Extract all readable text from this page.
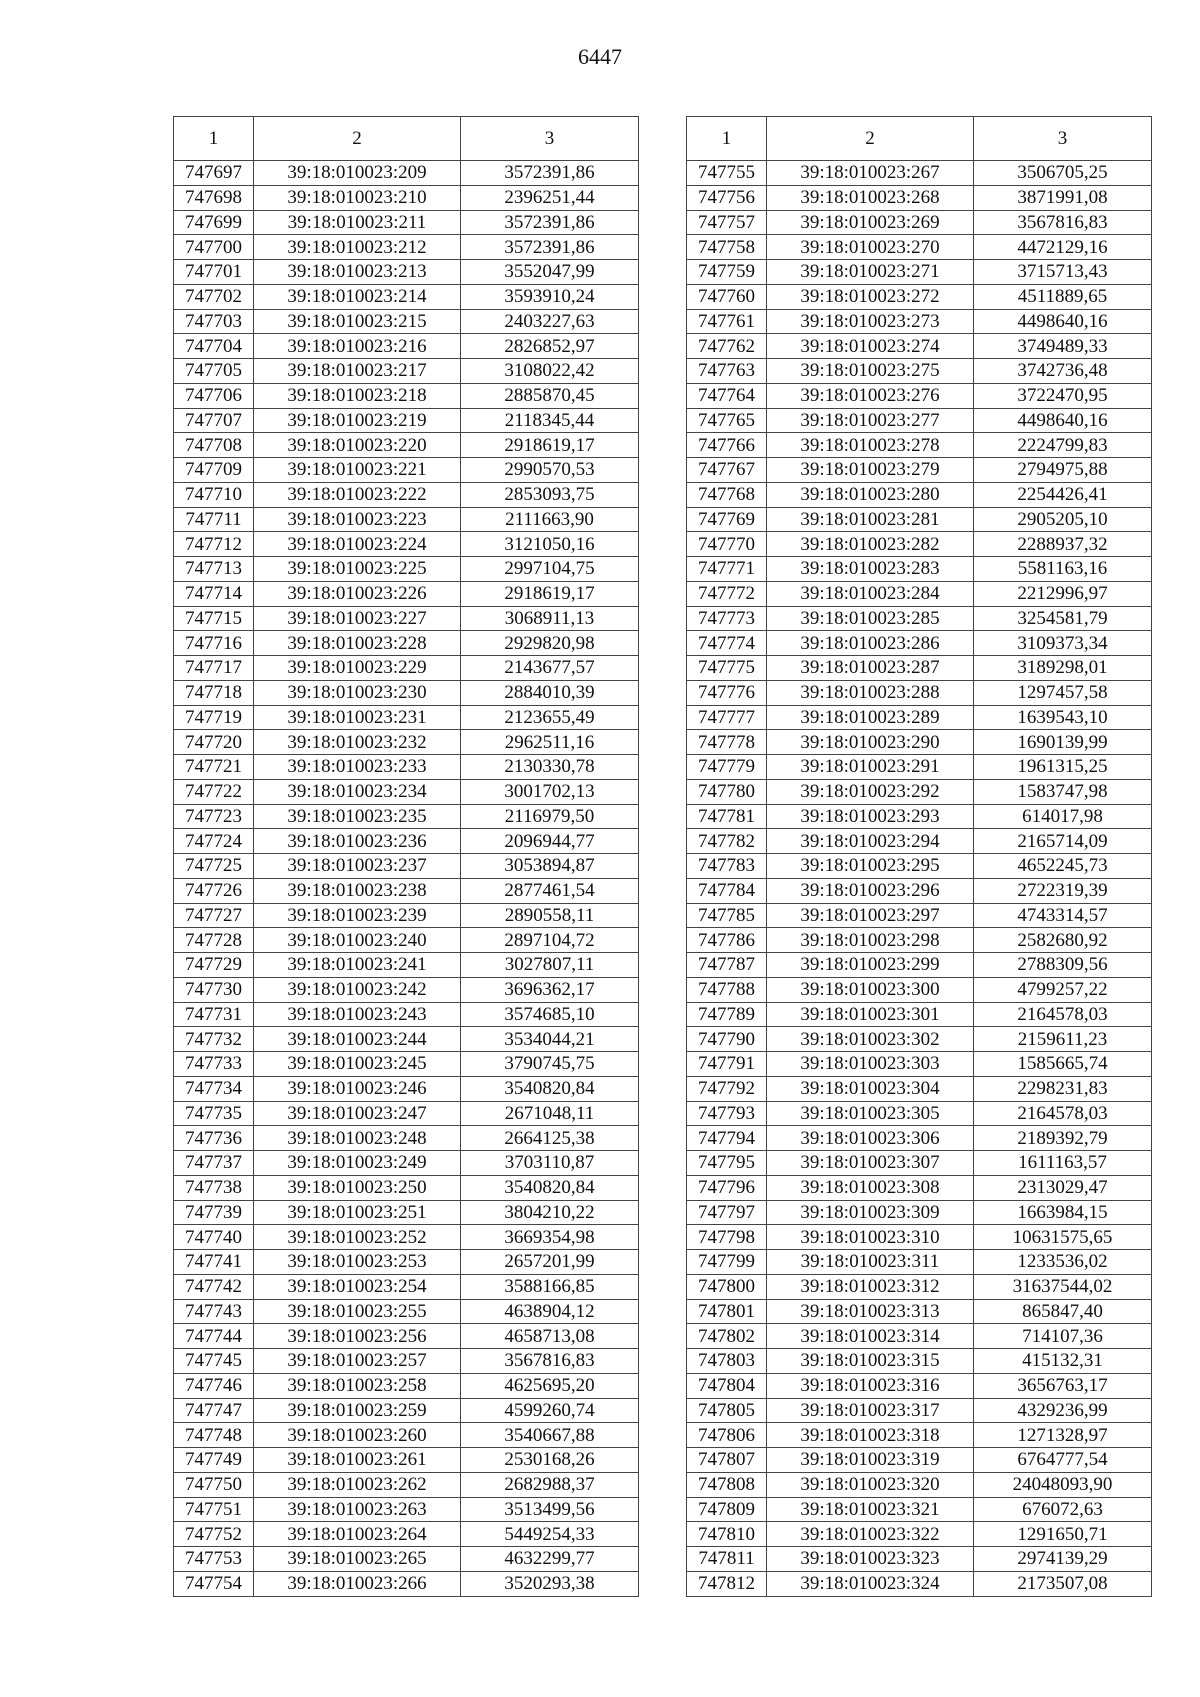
6447
1	2	3
747697	39:18:010023:209	3572391,86
747698	39:18:010023:210	2396251,44
747699	39:18:010023:211	3572391,86
747700	39:18:010023:212	3572391,86
747701	39:18:010023:213	3552047,99
747702	39:18:010023:214	3593910,24
747703	39:18:010023:215	2403227,63
747704	39:18:010023:216	2826852,97
747705	39:18:010023:217	3108022,42
747706	39:18:010023:218	2885870,45
747707	39:18:010023:219	2118345,44
747708	39:18:010023:220	2918619,17
747709	39:18:010023:221	2990570,53
747710	39:18:010023:222	2853093,75
747711	39:18:010023:223	2111663,90
747712	39:18:010023:224	3121050,16
747713	39:18:010023:225	2997104,75
747714	39:18:010023:226	2918619,17
747715	39:18:010023:227	3068911,13
747716	39:18:010023:228	2929820,98
747717	39:18:010023:229	2143677,57
747718	39:18:010023:230	2884010,39
747719	39:18:010023:231	2123655,49
747720	39:18:010023:232	2962511,16
747721	39:18:010023:233	2130330,78
747722	39:18:010023:234	3001702,13
747723	39:18:010023:235	2116979,50
747724	39:18:010023:236	2096944,77
747725	39:18:010023:237	3053894,87
747726	39:18:010023:238	2877461,54
747727	39:18:010023:239	2890558,11
747728	39:18:010023:240	2897104,72
747729	39:18:010023:241	3027807,11
747730	39:18:010023:242	3696362,17
747731	39:18:010023:243	3574685,10
747732	39:18:010023:244	3534044,21
747733	39:18:010023:245	3790745,75
747734	39:18:010023:246	3540820,84
747735	39:18:010023:247	2671048,11
747736	39:18:010023:248	2664125,38
747737	39:18:010023:249	3703110,87
747738	39:18:010023:250	3540820,84
747739	39:18:010023:251	3804210,22
747740	39:18:010023:252	3669354,98
747741	39:18:010023:253	2657201,99
747742	39:18:010023:254	3588166,85
747743	39:18:010023:255	4638904,12
747744	39:18:010023:256	4658713,08
747745	39:18:010023:257	3567816,83
747746	39:18:010023:258	4625695,20
747747	39:18:010023:259	4599260,74
747748	39:18:010023:260	3540667,88
747749	39:18:010023:261	2530168,26
747750	39:18:010023:262	2682988,37
747751	39:18:010023:263	3513499,56
747752	39:18:010023:264	5449254,33
747753	39:18:010023:265	4632299,77
747754	39:18:010023:266	3520293,38
1	2	3
747755	39:18:010023:267	3506705,25
747756	39:18:010023:268	3871991,08
747757	39:18:010023:269	3567816,83
747758	39:18:010023:270	4472129,16
747759	39:18:010023:271	3715713,43
747760	39:18:010023:272	4511889,65
747761	39:18:010023:273	4498640,16
747762	39:18:010023:274	3749489,33
747763	39:18:010023:275	3742736,48
747764	39:18:010023:276	3722470,95
747765	39:18:010023:277	4498640,16
747766	39:18:010023:278	2224799,83
747767	39:18:010023:279	2794975,88
747768	39:18:010023:280	2254426,41
747769	39:18:010023:281	2905205,10
747770	39:18:010023:282	2288937,32
747771	39:18:010023:283	5581163,16
747772	39:18:010023:284	2212996,97
747773	39:18:010023:285	3254581,79
747774	39:18:010023:286	3109373,34
747775	39:18:010023:287	3189298,01
747776	39:18:010023:288	1297457,58
747777	39:18:010023:289	1639543,10
747778	39:18:010023:290	1690139,99
747779	39:18:010023:291	1961315,25
747780	39:18:010023:292	1583747,98
747781	39:18:010023:293	614017,98
747782	39:18:010023:294	2165714,09
747783	39:18:010023:295	4652245,73
747784	39:18:010023:296	2722319,39
747785	39:18:010023:297	4743314,57
747786	39:18:010023:298	2582680,92
747787	39:18:010023:299	2788309,56
747788	39:18:010023:300	4799257,22
747789	39:18:010023:301	2164578,03
747790	39:18:010023:302	2159611,23
747791	39:18:010023:303	1585665,74
747792	39:18:010023:304	2298231,83
747793	39:18:010023:305	2164578,03
747794	39:18:010023:306	2189392,79
747795	39:18:010023:307	1611163,57
747796	39:18:010023:308	2313029,47
747797	39:18:010023:309	1663984,15
747798	39:18:010023:310	10631575,65
747799	39:18:010023:311	1233536,02
747800	39:18:010023:312	31637544,02
747801	39:18:010023:313	865847,40
747802	39:18:010023:314	714107,36
747803	39:18:010023:315	415132,31
747804	39:18:010023:316	3656763,17
747805	39:18:010023:317	4329236,99
747806	39:18:010023:318	1271328,97
747807	39:18:010023:319	6764777,54
747808	39:18:010023:320	24048093,90
747809	39:18:010023:321	676072,63
747810	39:18:010023:322	1291650,71
747811	39:18:010023:323	2974139,29
747812	39:18:010023:324	2173507,08
